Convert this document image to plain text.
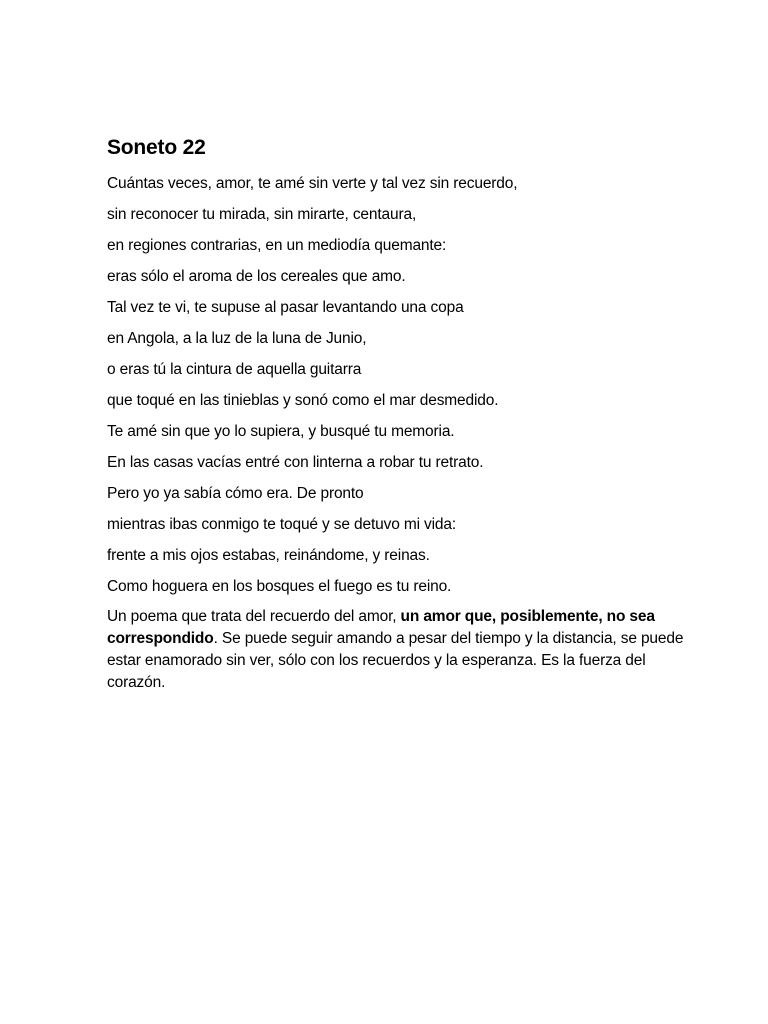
Soneto 22
Cuántas veces, amor, te amé sin verte y tal vez sin recuerdo,
sin reconocer tu mirada, sin mirarte, centaura,
en regiones contrarias, en un mediodía quemante:
eras sólo el aroma de los cereales que amo.
Tal vez te vi, te supuse al pasar levantando una copa
en Angola, a la luz de la luna de Junio,
o eras tú la cintura de aquella guitarra
que toqué en las tinieblas y sonó como el mar desmedido.
Te amé sin que yo lo supiera, y busqué tu memoria.
En las casas vacías entré con linterna a robar tu retrato.
Pero yo ya sabía cómo era. De pronto
mientras ibas conmigo te toqué y se detuvo mi vida:
frente a mis ojos estabas, reinándome, y reinas.
Como hoguera en los bosques el fuego es tu reino.

Un poema que trata del recuerdo del amor, un amor que, posiblemente, no sea correspondido. Se puede seguir amando a pesar del tiempo y la distancia, se puede estar enamorado sin ver, sólo con los recuerdos y la esperanza. Es la fuerza del corazón.
